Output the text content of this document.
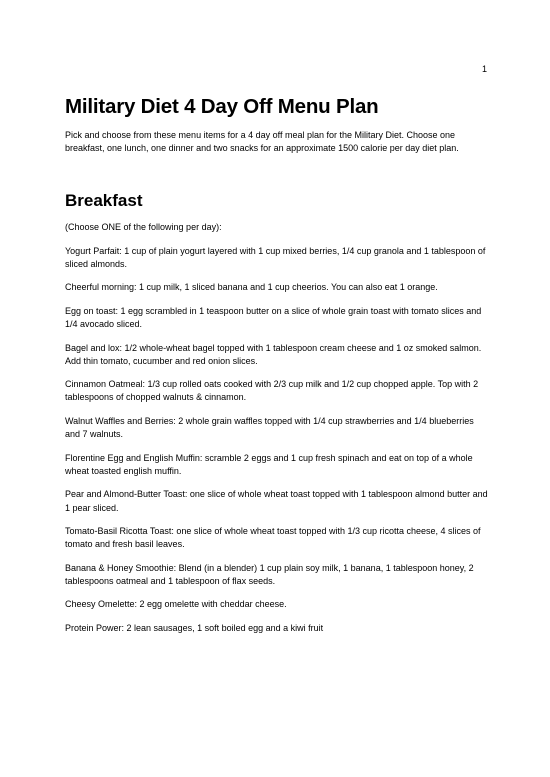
1
Military Diet 4 Day Off Menu Plan

Pick and choose from these menu items for a 4 day off meal plan for the Military Diet. Choose one breakfast, one lunch, one dinner and two snacks for an approximate 1500 calorie per day diet plan.

Breakfast

(Choose ONE of the following per day):

Yogurt Parfait: 1 cup of plain yogurt layered with 1 cup mixed berries, 1/4 cup granola and 1 tablespoon of sliced almonds.

Cheerful morning: 1 cup milk, 1 sliced banana and 1 cup cheerios. You can also eat 1 orange.

Egg on toast: 1 egg scrambled in 1 teaspoon butter on a slice of whole grain toast with tomato slices and 1/4 avocado sliced.

Bagel and lox: 1/2 whole-wheat bagel topped with 1 tablespoon cream cheese and 1 oz smoked salmon. Add thin tomato, cucumber and red onion slices.

Cinnamon Oatmeal: 1/3 cup rolled oats cooked with 2/3 cup milk and 1/2 cup chopped apple. Top with 2 tablespoons of chopped walnuts & cinnamon.

Walnut Waffles and Berries: 2 whole grain waffles topped with 1/4 cup strawberries and 1/4 blueberries and 7 walnuts.

Florentine Egg and English Muffin: scramble 2 eggs and 1 cup fresh spinach and eat on top of a whole wheat toasted english muffin.

Pear and Almond-Butter Toast: one slice of whole wheat toast topped with 1 tablespoon almond butter and 1 pear sliced.

Tomato-Basil Ricotta Toast: one slice of whole wheat toast topped with 1/3 cup ricotta cheese, 4 slices of tomato and fresh basil leaves.

Banana & Honey Smoothie: Blend (in a blender) 1 cup plain soy milk, 1 banana, 1 tablespoon honey, 2 tablespoons oatmeal and 1 tablespoon of flax seeds.

Cheesy Omelette: 2 egg omelette with cheddar cheese.

Protein Power: 2 lean sausages, 1 soft boiled egg and a kiwi fruit
